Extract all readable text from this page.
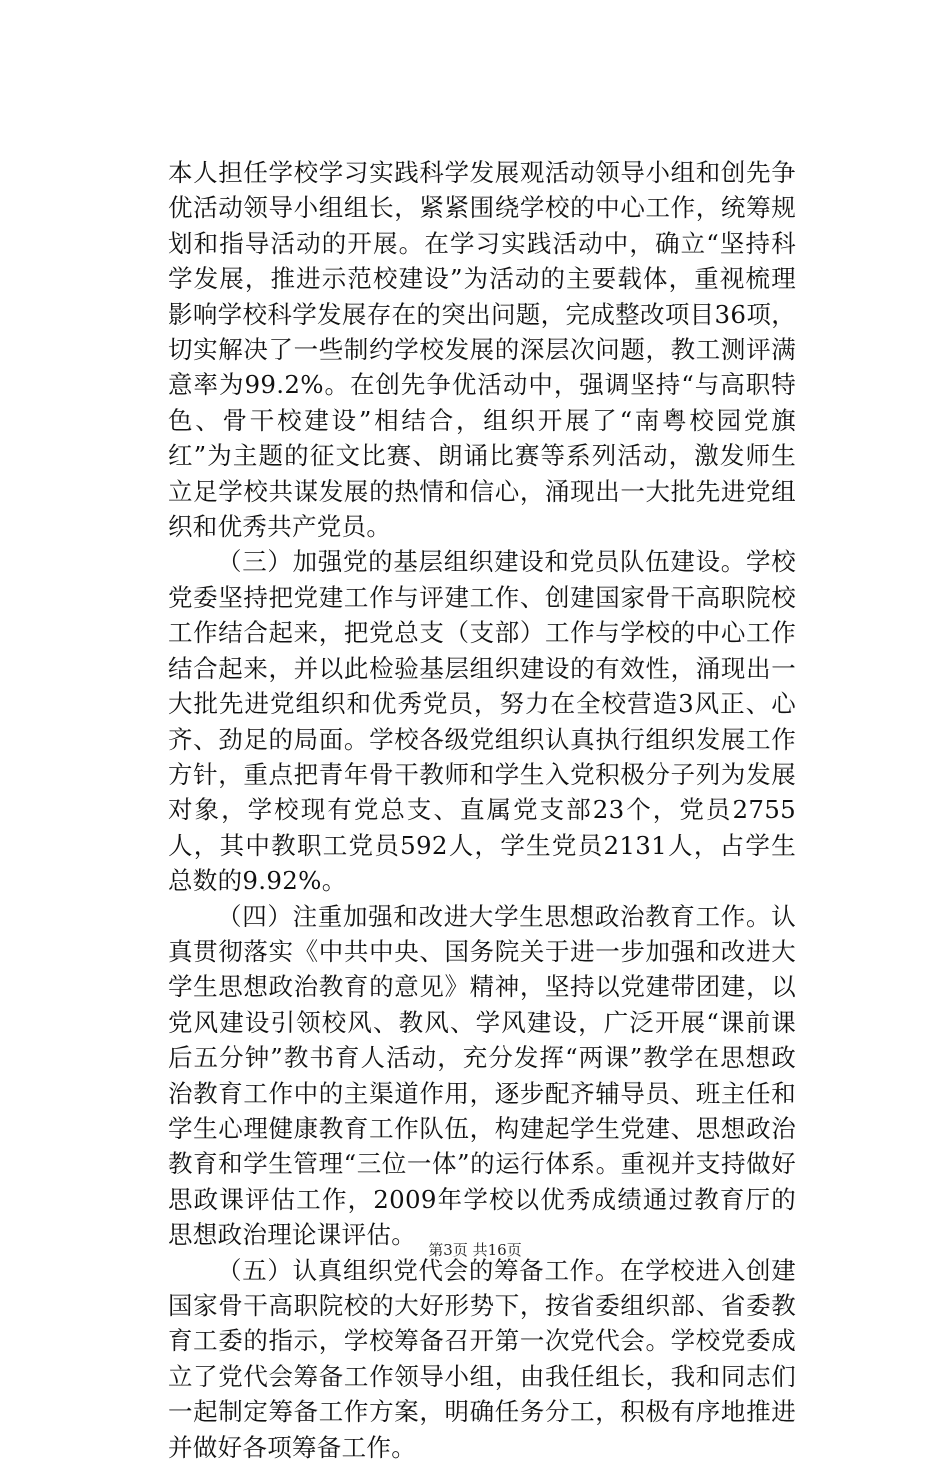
本人担任学校学习实践科学发展观活动领导小组和创先争优活动领导小组组长，紧紧围绕学校的中心工作，统筹规划和指导活动的开展。在学习实践活动中，确立“坚持科学发展，推进示范校建设”为活动的主要载体，重视梳理影响学校科学发展存在的突出问题，完成整改项目36项，切实解决了一些制约学校发展的深层次问题，教工测评满意率为99.2%。在创先争优活动中，强调坚持“与高职特色、骨干校建设”相结合，组织开展了“南粤校园党旗红”为主题的征文比赛、朗诵比赛等系列活动，激发师生立足学校共谋发展的热情和信心，涌现出一大批先进党组织和优秀共产党员。

（三）加强党的基层组织建设和党员队伍建设。学校党委坚持把党建工作与评建工作、创建国家骨干高职院校工作结合起来，把党总支（支部）工作与学校的中心工作结合起来，并以此检验基层组织建设的有效性，涌现出一大批先进党组织和优秀党员，努力在全校营造3风正、心齐、劲足的局面。学校各级党组织认真执行组织发展工作方针，重点把青年骨干教师和学生入党积极分子列为发展对象，学校现有党总支、直属党支部23个，党员2755人，其中教职工党员592人，学生党员2131人，占学生总数的9.92%。

（四）注重加强和改进大学生思想政治教育工作。认真贯彻落实《中共中央、国务院关于进一步加强和改进大学生思想政治教育的意见》精神，坚持以党建带团建，以党风建设引领校风、教风、学风建设，广泛开展“课前课后五分钟”教书育人活动，充分发挥“两课”教学在思想政治教育工作中的主渠道作用，逐步配齐辅导员、班主任和学生心理健康教育工作队伍，构建起学生党建、思想政治教育和学生管理“三位一体”的运行体系。重视并支持做好思政课评估工作，2009年学校以优秀成绩通过教育厅的思想政治理论课评估。

（五）认真组织党代会的筹备工作。在学校进入创建国家骨干高职院校的大好形势下，按省委组织部、省委教育工委的指示，学校筹备召开第一次党代会。学校党委成立了党代会筹备工作领导小组，由我任组长，我和同志们一起制定筹备工作方案，明确任务分工，积极有序地推进并做好各项筹备工作。

第3页 共16页
